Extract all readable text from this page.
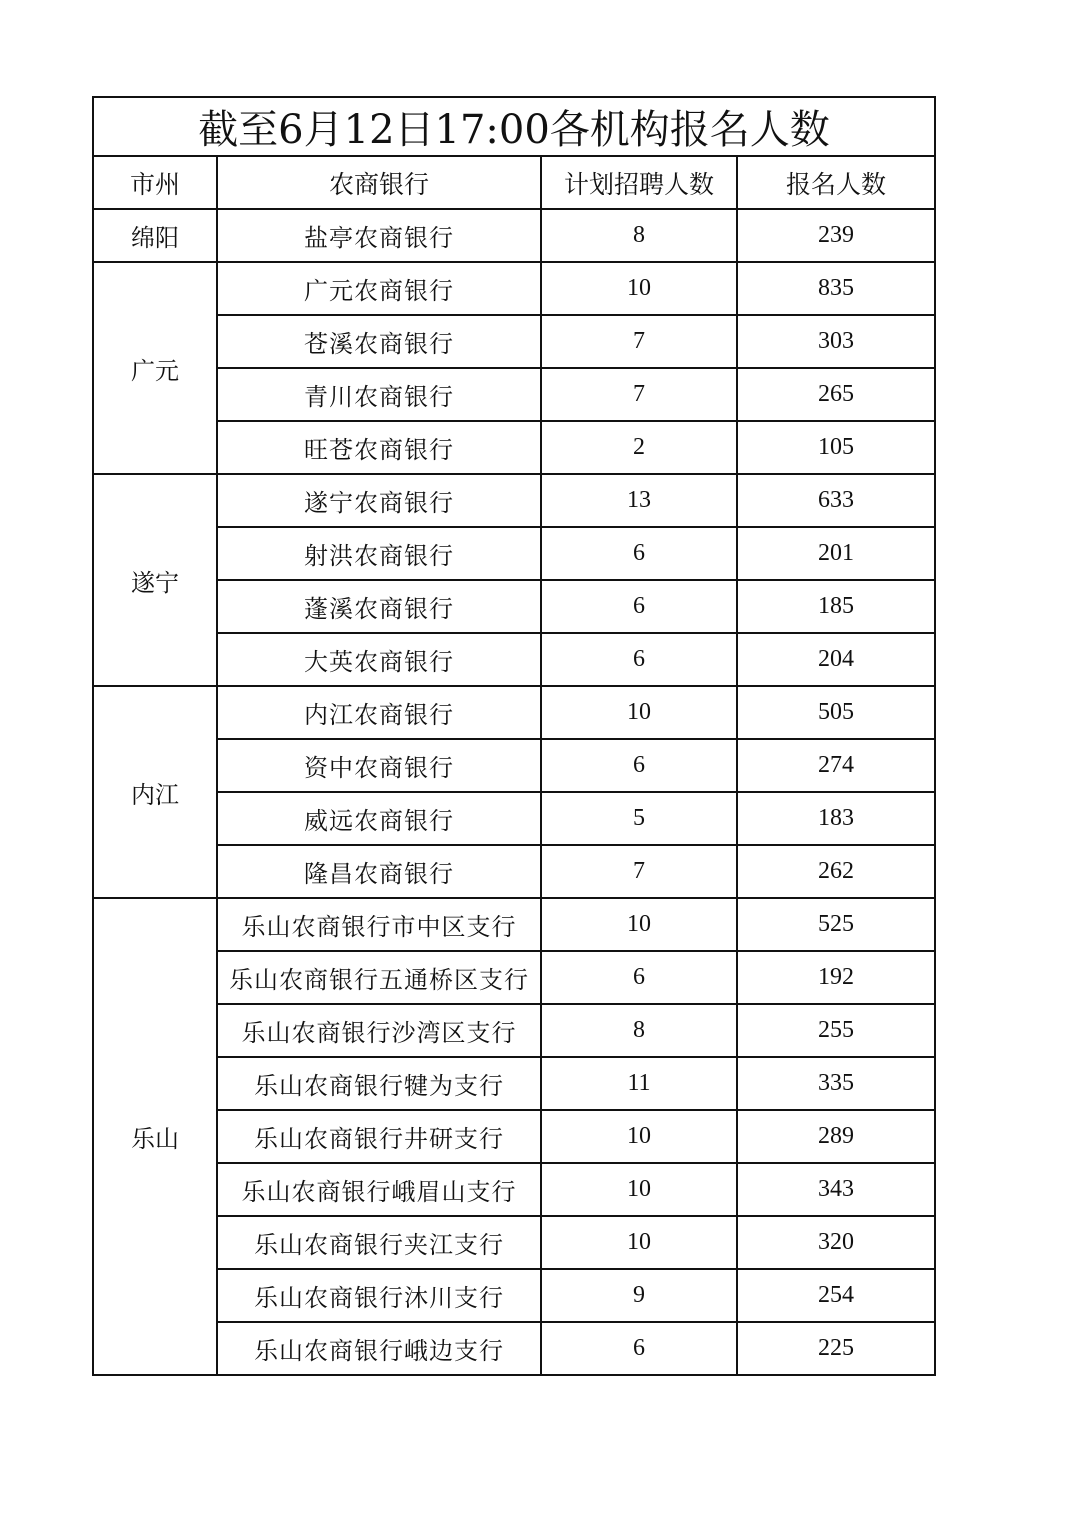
截至6月12日17:00各机构报名人数			
市州	农商银行	计划招聘人数	报名人数
绵阳	盐亭农商银行	8	239
广元	广元农商银行	10	835
	苍溪农商银行	7	303
	青川农商银行	7	265
	旺苍农商银行	2	105
遂宁	遂宁农商银行	13	633
	射洪农商银行	6	201
	蓬溪农商银行	6	185
	大英农商银行	6	204
内江	内江农商银行	10	505
	资中农商银行	6	274
	威远农商银行	5	183
	隆昌农商银行	7	262
乐山	乐山农商银行市中区支行	10	525
	乐山农商银行五通桥区支行	6	192
	乐山农商银行沙湾区支行	8	255
	乐山农商银行犍为支行	11	335
	乐山农商银行井研支行	10	289
	乐山农商银行峨眉山支行	10	343
	乐山农商银行夹江支行	10	320
	乐山农商银行沐川支行	9	254
	乐山农商银行峨边支行	6	225
